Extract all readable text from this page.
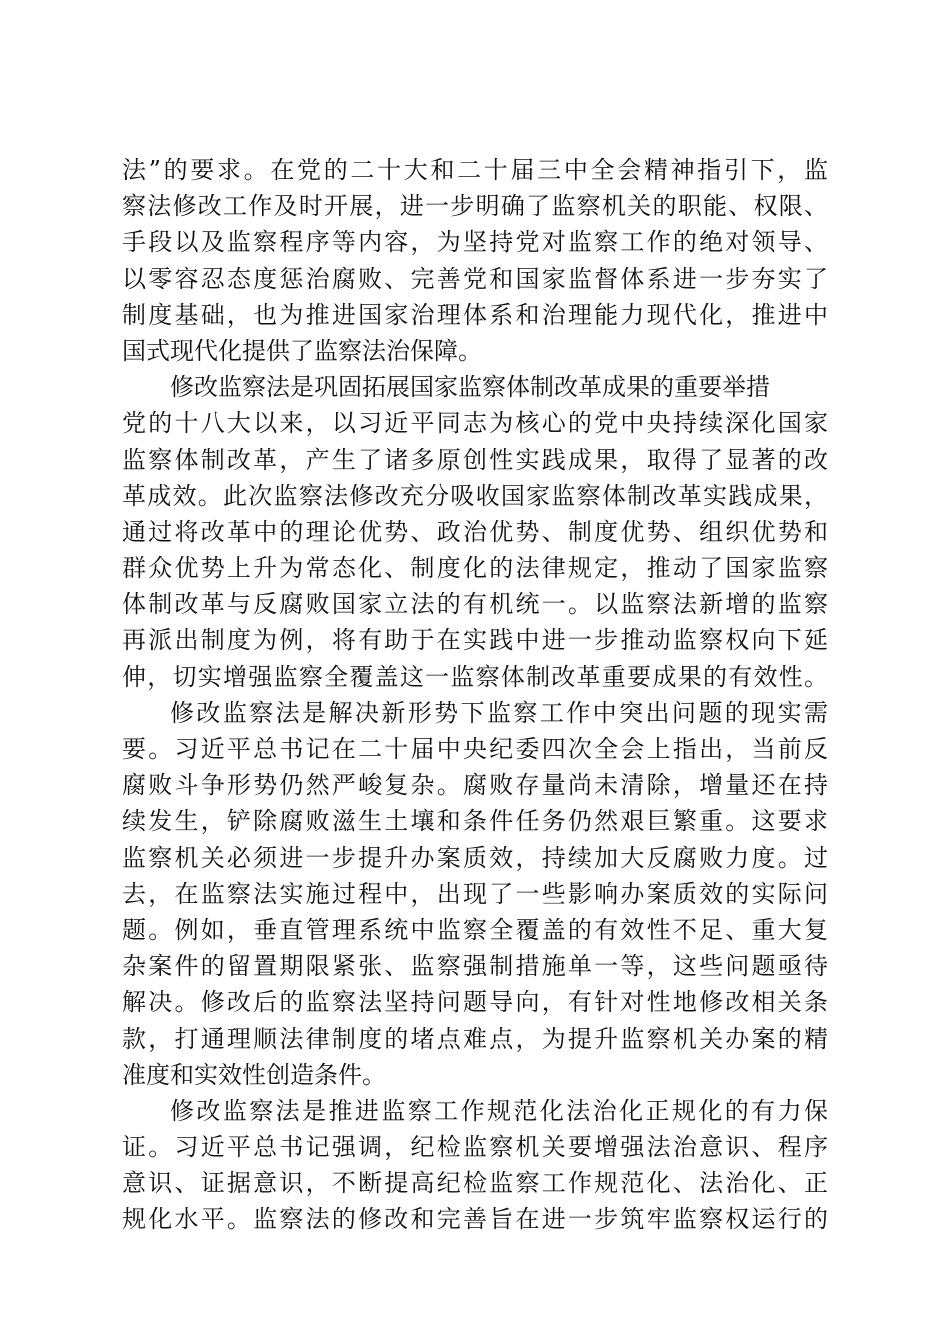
法”的要求。在党的二十大和二十届三中全会精神指引下，监
察法修改工作及时开展，进一步明确了监察机关的职能、权限、
手段以及监察程序等内容，为坚持党对监察工作的绝对领导、
以零容忍态度惩治腐败、完善党和国家监督体系进一步夯实了
制度基础，也为推进国家治理体系和治理能力现代化，推进中
国式现代化提供了监察法治保障。
修改监察法是巩固拓展国家监察体制改革成果的重要举措
党的十八大以来，以习近平同志为核心的党中央持续深化国家
监察体制改革，产生了诸多原创性实践成果，取得了显著的改
革成效。此次监察法修改充分吸收国家监察体制改革实践成果，
通过将改革中的理论优势、政治优势、制度优势、组织优势和
群众优势上升为常态化、制度化的法律规定，推动了国家监察
体制改革与反腐败国家立法的有机统一。以监察法新增的监察
再派出制度为例，将有助于在实践中进一步推动监察权向下延
伸，切实增强监察全覆盖这一监察体制改革重要成果的有效性。
修改监察法是解决新形势下监察工作中突出问题的现实需
要。习近平总书记在二十届中央纪委四次全会上指出，当前反
腐败斗争形势仍然严峻复杂。腐败存量尚未清除，增量还在持
续发生，铲除腐败滋生土壤和条件任务仍然艰巨繁重。这要求
监察机关必须进一步提升办案质效，持续加大反腐败力度。过
去，在监察法实施过程中，出现了一些影响办案质效的实际问
题。例如，垂直管理系统中监察全覆盖的有效性不足、重大复
杂案件的留置期限紧张、监察强制措施单一等，这些问题亟待
解决。修改后的监察法坚持问题导向，有针对性地修改相关条
款，打通理顺法律制度的堵点难点，为提升监察机关办案的精
准度和实效性创造条件。
修改监察法是推进监察工作规范化法治化正规化的有力保
证。习近平总书记强调，纪检监察机关要增强法治意识、程序
意识、证据意识，不断提高纪检监察工作规范化、法治化、正
规化水平。监察法的修改和完善旨在进一步筑牢监察权运行的
